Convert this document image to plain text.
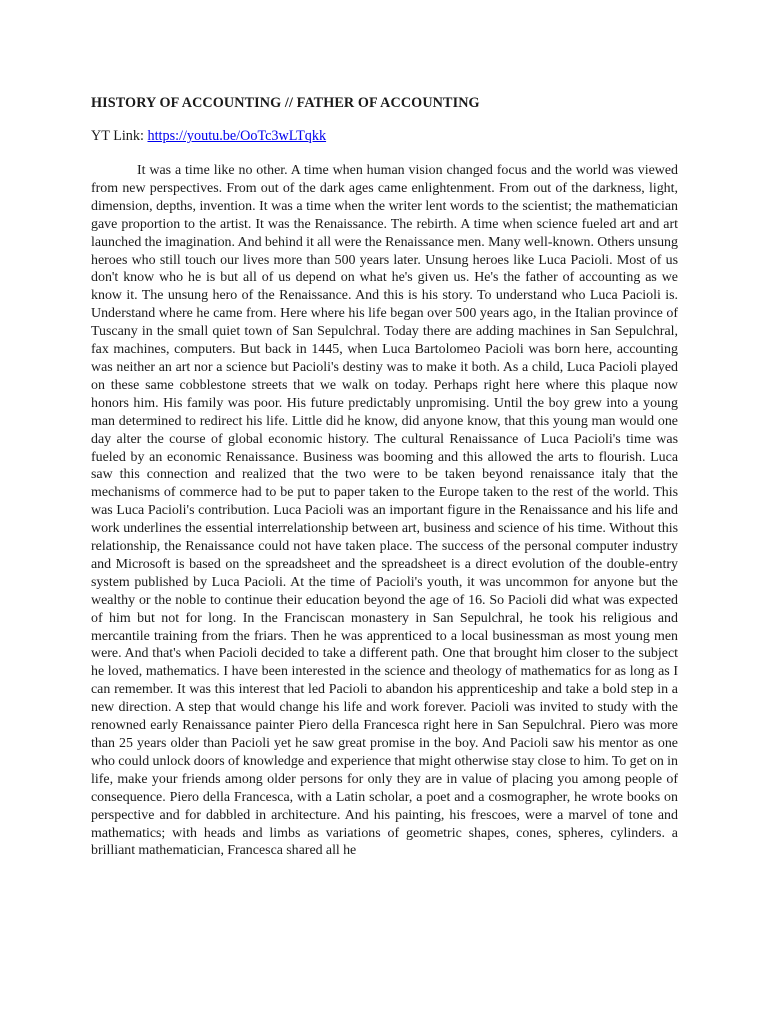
HISTORY OF ACCOUNTING // FATHER OF ACCOUNTING
YT Link: https://youtu.be/OoTc3wLTqkk

It was a time like no other. A time when human vision changed focus and the world was viewed from new perspectives. From out of the dark ages came enlightenment. From out of the darkness, light, dimension, depths, invention. It was a time when the writer lent words to the scientist; the mathematician gave proportion to the artist. It was the Renaissance. The rebirth. A time when science fueled art and art launched the imagination. And behind it all were the Renaissance men. Many well-known. Others unsung heroes who still touch our lives more than 500 years later. Unsung heroes like Luca Pacioli. Most of us don't know who he is but all of us depend on what he's given us. He's the father of accounting as we know it. The unsung hero of the Renaissance. And this is his story. To understand who Luca Pacioli is. Understand where he came from. Here where his life began over 500 years ago, in the Italian province of Tuscany in the small quiet town of San Sepulchral. Today there are adding machines in San Sepulchral, fax machines, computers. But back in 1445, when Luca Bartolomeo Pacioli was born here, accounting was neither an art nor a science but Pacioli's destiny was to make it both. As a child, Luca Pacioli played on these same cobblestone streets that we walk on today. Perhaps right here where this plaque now honors him. His family was poor. His future predictably unpromising. Until the boy grew into a young man determined to redirect his life. Little did he know, did anyone know, that this young man would one day alter the course of global economic history. The cultural Renaissance of Luca Pacioli's time was fueled by an economic Renaissance. Business was booming and this allowed the arts to flourish. Luca saw this connection and realized that the two were to be taken beyond renaissance italy that the mechanisms of commerce had to be put to paper taken to the Europe taken to the rest of the world. This was Luca Pacioli's contribution. Luca Pacioli was an important figure in the Renaissance and his life and work underlines the essential interrelationship between art, business and science of his time. Without this relationship, the Renaissance could not have taken place. The success of the personal computer industry and Microsoft is based on the spreadsheet and the spreadsheet is a direct evolution of the double-entry system published by Luca Pacioli. At the time of Pacioli's youth, it was uncommon for anyone but the wealthy or the noble to continue their education beyond the age of 16. So Pacioli did what was expected of him but not for long. In the Franciscan monastery in San Sepulchral, he took his religious and mercantile training from the friars. Then he was apprenticed to a local businessman as most young men were. And that's when Pacioli decided to take a different path. One that brought him closer to the subject he loved, mathematics. I have been interested in the science and theology of mathematics for as long as I can remember. It was this interest that led Pacioli to abandon his apprenticeship and take a bold step in a new direction. A step that would change his life and work forever. Pacioli was invited to study with the renowned early Renaissance painter Piero della Francesca right here in San Sepulchral. Piero was more than 25 years older than Pacioli yet he saw great promise in the boy. And Pacioli saw his mentor as one who could unlock doors of knowledge and experience that might otherwise stay close to him. To get on in life, make your friends among older persons for only they are in value of placing you among people of consequence. Piero della Francesca, with a Latin scholar, a poet and a cosmographer, he wrote books on perspective and for dabbled in architecture. And his painting, his frescoes, were a marvel of tone and mathematics; with heads and limbs as variations of geometric shapes, cones, spheres, cylinders. a brilliant mathematician, Francesca shared all he
